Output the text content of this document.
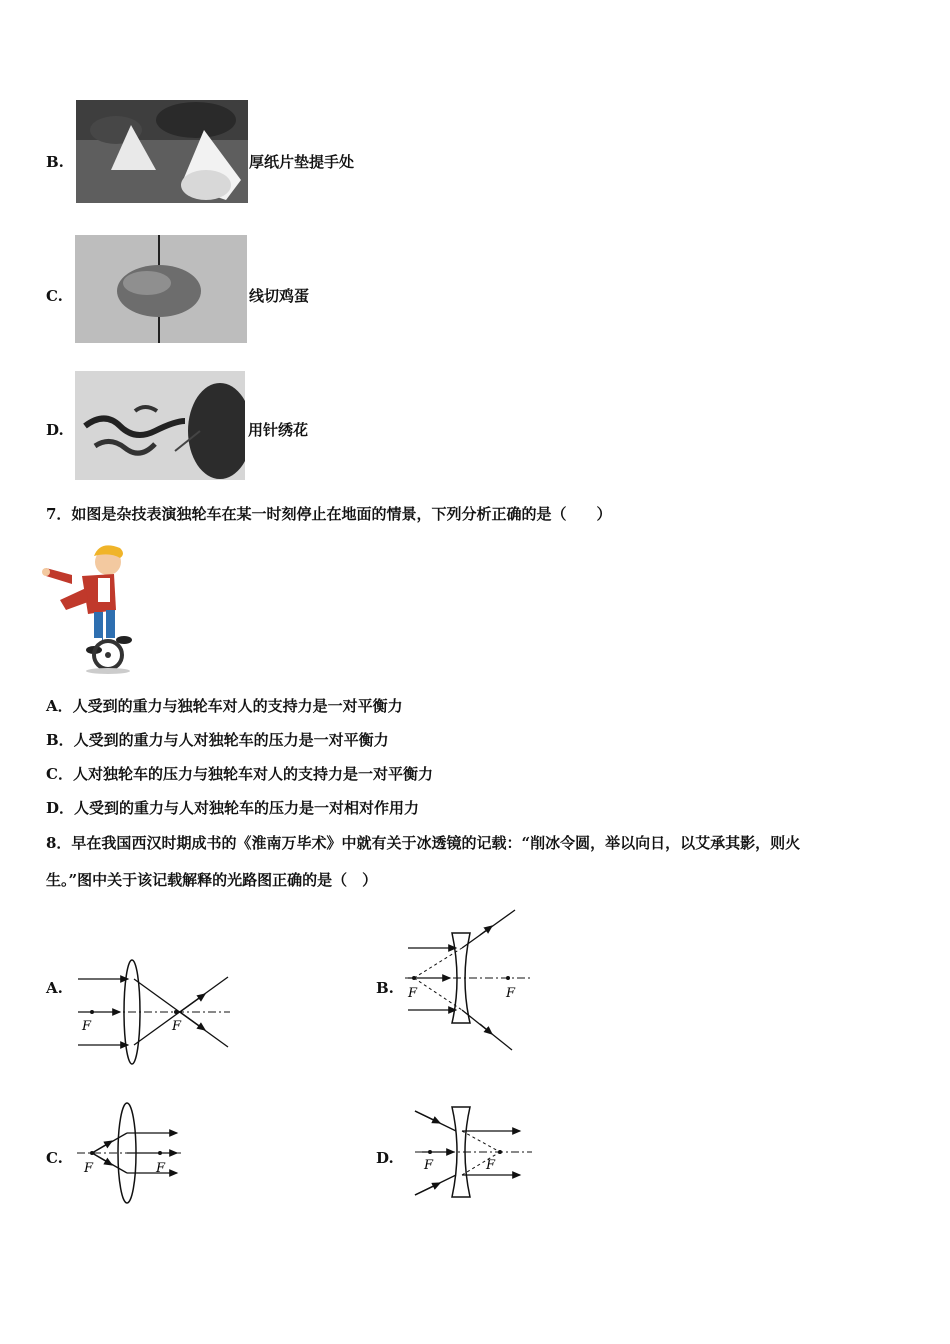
B.	厚纸片垫提手处
C.	线切鸡蛋
D.	用针绣花
7．如图是杂技表演独轮车在某一时刻停止在地面的情景，下列分析正确的是（　　）
A．人受到的重力与独轮车对人的支持力是一对平衡力
B．人受到的重力与人对独轮车的压力是一对平衡力
C．人对独轮车的压力与独轮车对人的支持力是一对平衡力
D．人受到的重力与人对独轮车的压力是一对相对作用力
8．早在我国西汉时期成书的《淮南万毕术》中就有关于冰透镜的记载：“削冰令圆，举以向日，以艾承其影，则火
生。”图中关于该记载解释的光路图正确的是（　）
A.
F	F
B. F	F
C.
F	F
D. F	F
